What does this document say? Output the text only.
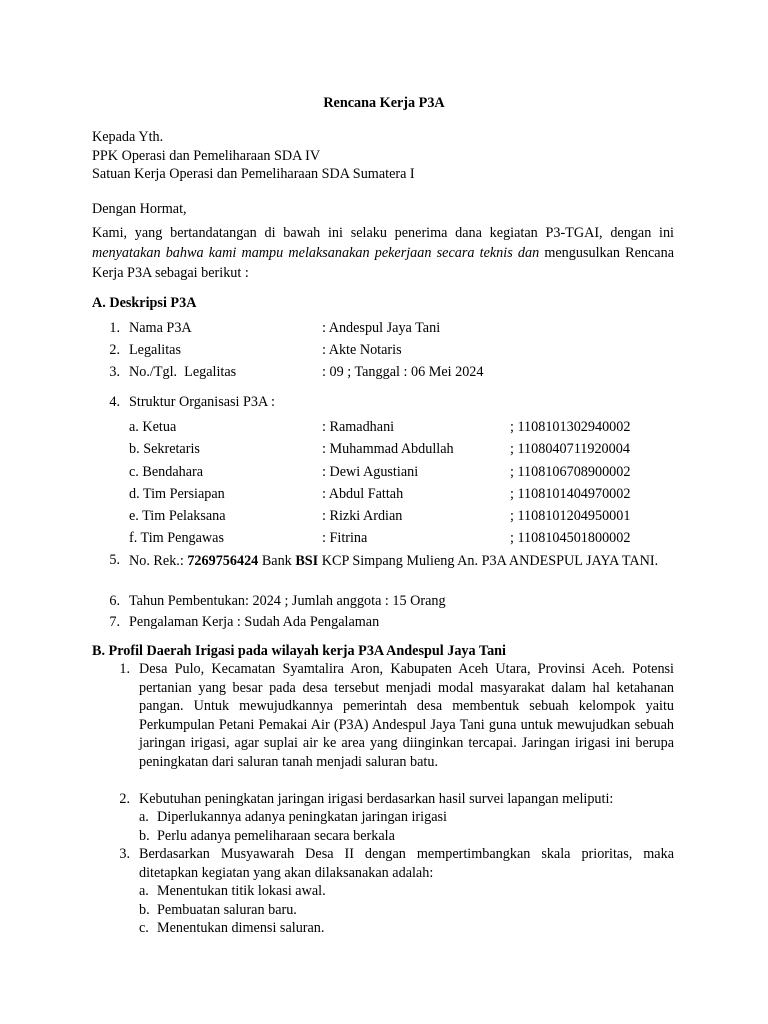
Rencana Kerja P3A
Kepada Yth.
PPK Operasi dan Pemeliharaan SDA IV
Satuan Kerja Operasi dan Pemeliharaan SDA Sumatera I
Dengan Hormat,
Kami, yang bertandatangan di bawah ini selaku penerima dana kegiatan P3-TGAI, dengan ini menyatakan bahwa kami mampu melaksanakan pekerjaan secara teknis dan mengusulkan Rencana Kerja P3A sebagai berikut :
A. Deskripsi P3A
1. Nama P3A	: Andespul Jaya Tani
2. Legalitas	: Akte Notaris
3. No./Tgl.  Legalitas	: 09 ; Tanggal : 06 Mei 2024
4. Struktur Organisasi P3A :
a. Ketua	: Ramadhani	; 1108101302940002
b. Sekretaris	: Muhammad Abdullah	; 1108040711920004
c. Bendahara	: Dewi Agustiani	; 1108106708900002
d. Tim Persiapan	: Abdul Fattah	; 1108101404970002
e. Tim Pelaksana	: Rizki Ardian	; 1108101204950001
f. Tim Pengawas	: Fitrina	; 1108104501800002
5. No. Rek.: 7269756424 Bank BSI KCP Simpang Mulieng An. P3A ANDESPUL JAYA TANI.
6. Tahun Pembentukan: 2024 ; Jumlah anggota : 15 Orang
7. Pengalaman Kerja : Sudah Ada Pengalaman
B. Profil Daerah Irigasi pada wilayah kerja P3A Andespul Jaya Tani
1. Desa Pulo, Kecamatan Syamtalira Aron, Kabupaten Aceh Utara, Provinsi Aceh. Potensi pertanian yang besar pada desa tersebut menjadi modal masyarakat dalam hal ketahanan pangan. Untuk mewujudkannya pemerintah desa membentuk sebuah kelompok yaitu Perkumpulan Petani Pemakai Air (P3A) Andespul Jaya Tani guna untuk mewujudkan sebuah jaringan irigasi, agar suplai air ke area yang diinginkan tercapai. Jaringan irigasi ini berupa peningkatan dari saluran tanah menjadi saluran batu.
2. Kebutuhan peningkatan jaringan irigasi berdasarkan hasil survei lapangan meliputi:
a. Diperlukannya adanya peningkatan jaringan irigasi
b. Perlu adanya pemeliharaan secara berkala
3. Berdasarkan Musyawarah Desa II dengan mempertimbangkan skala prioritas, maka ditetapkan kegiatan yang akan dilaksanakan adalah:
a. Menentukan titik lokasi awal.
b. Pembuatan saluran baru.
c. Menentukan dimensi saluran.
